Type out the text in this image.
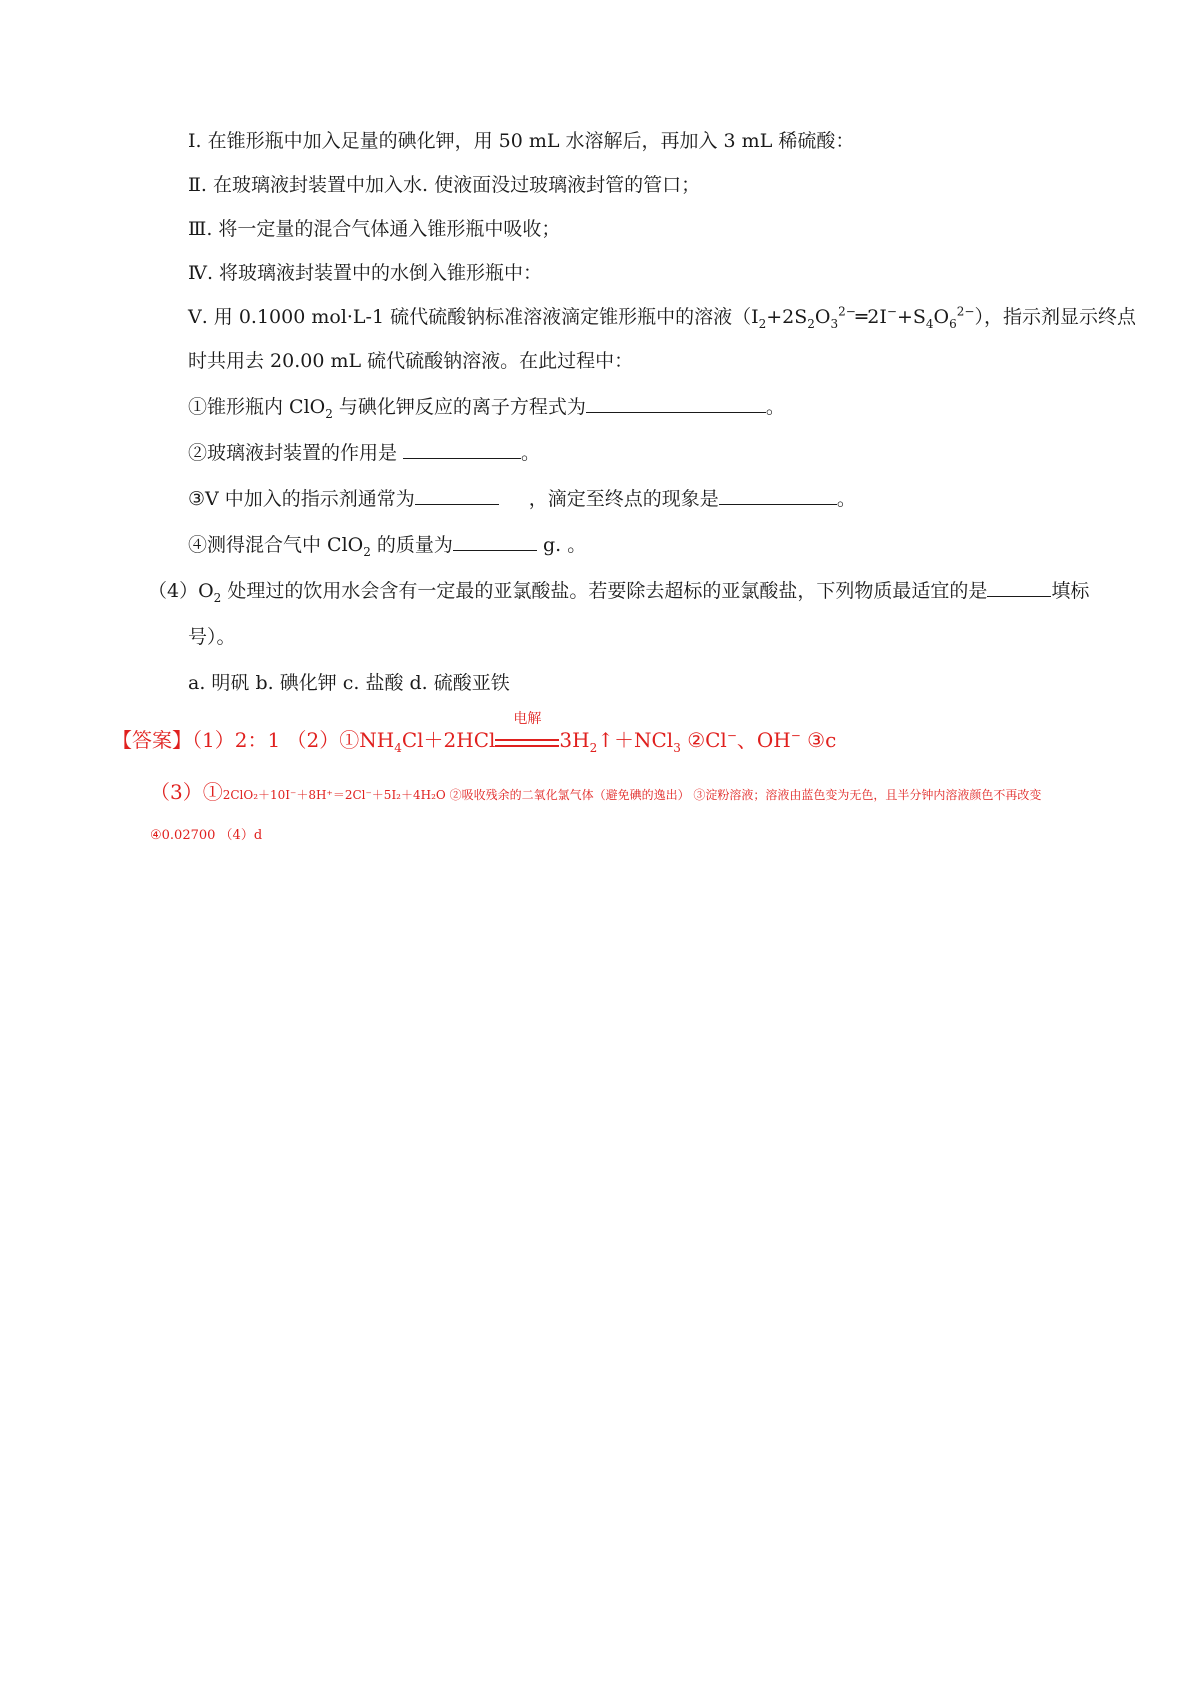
Ⅰ. 在锥形瓶中加入足量的碘化钾，用 50 mL 水溶解后，再加入 3 mL 稀硫酸：
Ⅱ. 在玻璃液封装置中加入水. 使液面没过玻璃液封管的管口；
Ⅲ. 将一定量的混合气体通入锥形瓶中吸收；
Ⅳ. 将玻璃液封装置中的水倒入锥形瓶中：
Ⅴ. 用 0.1000 mol·L-1 硫代硫酸钠标准溶液滴定锥形瓶中的溶液$(I_2+2S_2O_3^{2-}═2I^-+S_4O_6^{2-})$，指示剂显示终点
时共用去 20.00 mL 硫代硫酸钠溶液。在此过程中：
①锥形瓶内 ClO$_2$ 与碘化钾反应的离子方程式为	。
②玻璃液封装置的作用是	。
③V 中加入的指示剂通常为	，滴定至终点的现象是	。
④测得混合气中 ClO$_2$ 的质量为	g. 。
$(4)O_2$ 处理过的饮用水会含有一定最的亚氯酸盐。若要除去超标的亚氯酸盐，下列物质最适宜的是	填标
号）。
a. 明矾 b. 碘化钾 c. 盐酸 d. 硫酸亚铁
【答案】（1）2：1 $(2)①NH_4Cl+2HCl$
电解
$3H_2↑+NCl_3$ ②Cl−、OH− ③c
（3）①2ClO₂＋10I⁻＋8H⁺＝2Cl⁻＋5I₂＋4H₂O ②吸收残余的二氧化氯气体（避免碘的逸出） ③淀粉溶液；溶液由蓝色变为无色，且半分钟内溶液颜色不再改变
④0.02700 （4）d
